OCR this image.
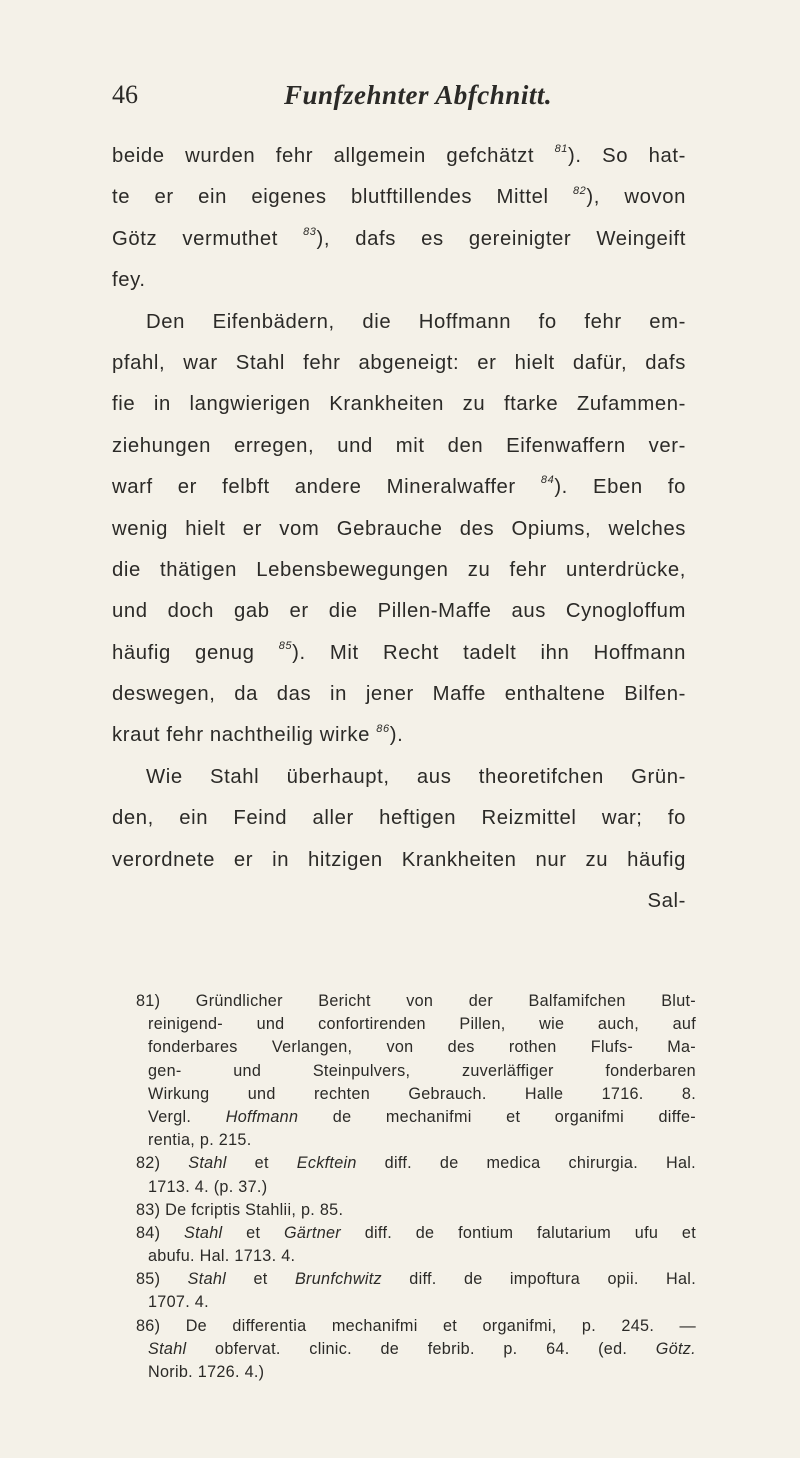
46	Funfzehnter Abfchnitt.
beide wurden fehr allgemein gefchätzt $^{81}$). So hat-
te er ein eigenes blutftillendes Mittel $^{82}$), wovon
Götz vermuthet $^{83}$), dafs es gereinigter Weingeift
fey.
Den Eifenbädern, die Hoffmann fo fehr em-
pfahl, war Stahl fehr abgeneigt: er hielt dafür, dafs
fie in langwierigen Krankheiten zu ftarke Zufammen-
ziehungen erregen, und mit den Eifenwaffern ver-
warf er felbft andere Mineralwaffer $^{84}$). Eben fo
wenig hielt er vom Gebrauche des Opiums, welches
die thätigen Lebensbewegungen zu fehr unterdrücke,
und doch gab er die Pillen-Maffe aus Cynogloffum
häufig genug $^{85}$). Mit Recht tadelt ihn Hoffmann
deswegen, da das in jener Maffe enthaltene Bilfen-
kraut fehr nachtheilig wirke $^{86}$).
Wie Stahl überhaupt, aus theoretifchen Grün-
den, ein Feind aller heftigen Reizmittel war; fo
verordnete er in hitzigen Krankheiten nur zu häufig
Sal-
81) Gründlicher Bericht von der Balfamifchen Blut-
reinigend- und confortirenden Pillen, wie auch, auf
fonderbares Verlangen, von des rothen Flufs- Ma-
gen- und Steinpulvers, zuverläffiger fonderbaren
Wirkung und rechten Gebrauch. Halle 1716. 8.
Vergl. Hoffmann de mechanifmi et organifmi diffe-
rentia, p. 215.
82) Stahl et Eckftein diff. de medica chirurgia. Hal.
1713. 4. (p. 37.)
83) De fcriptis Stahlii, p. 85.
84) Stahl et Gärtner diff. de fontium falutarium ufu et
abufu. Hal. 1713. 4.
85) Stahl et Brunfchwitz diff. de impoftura opii. Hal.
1707. 4.
86) De differentia mechanifmi et organifmi, p. 245. —
Stahl obfervat. clinic. de febrib. p. 64. (ed. Götz.
Norib. 1726. 4.)
